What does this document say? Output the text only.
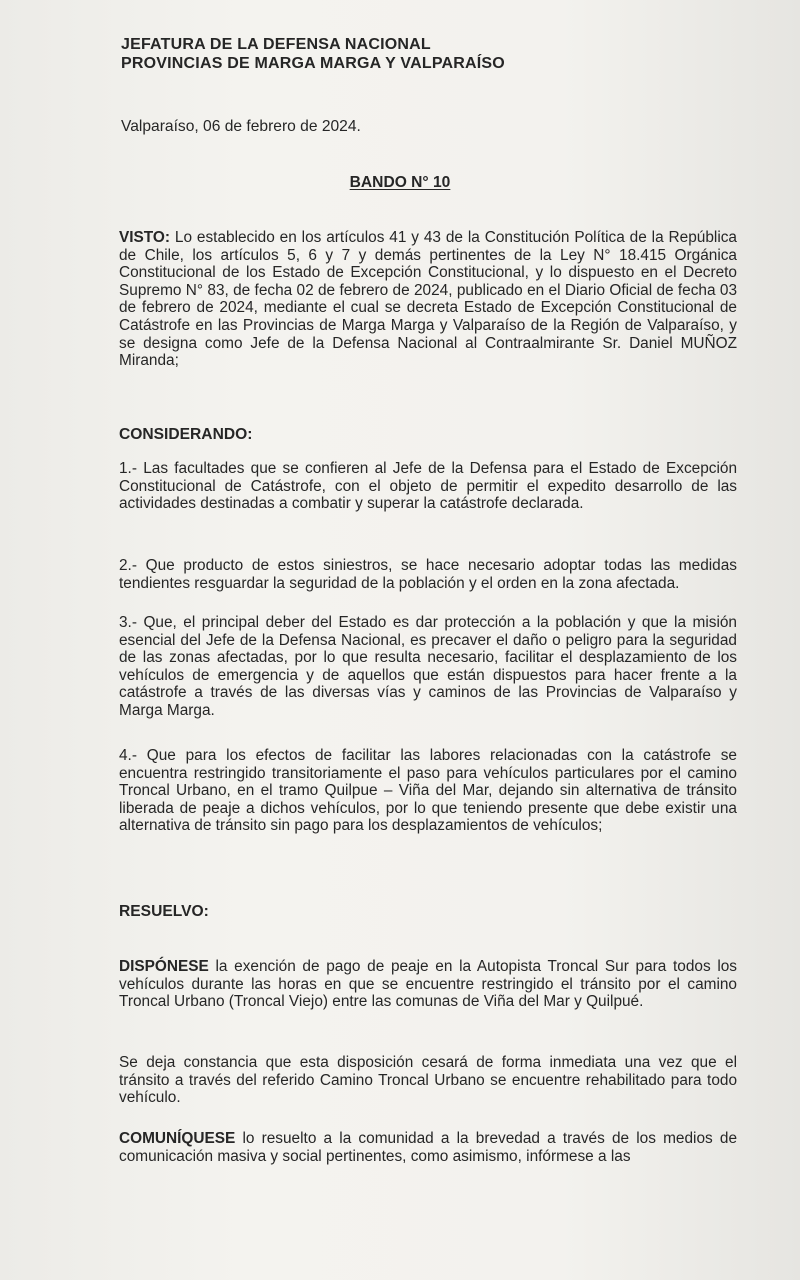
JEFATURA DE LA DEFENSA NACIONAL
PROVINCIAS DE MARGA MARGA Y VALPARAÍSO
Valparaíso, 06 de febrero de 2024.
BANDO N° 10
VISTO: Lo establecido en los artículos 41 y 43 de la Constitución Política de la República de Chile, los artículos 5, 6 y 7 y demás pertinentes de la Ley N° 18.415 Orgánica Constitucional de los Estado de Excepción Constitucional, y lo dispuesto en el Decreto Supremo N° 83, de fecha 02 de febrero de 2024, publicado en el Diario Oficial de fecha 03 de febrero de 2024, mediante el cual se decreta Estado de Excepción Constitucional de Catástrofe en las Provincias de Marga Marga y Valparaíso de la Región de Valparaíso, y se designa como Jefe de la Defensa Nacional al Contraalmirante Sr. Daniel MUÑOZ Miranda;
CONSIDERANDO:
1.- Las facultades que se confieren al Jefe de la Defensa para el Estado de Excepción Constitucional de Catástrofe, con el objeto de permitir el expedito desarrollo de las actividades destinadas a combatir y superar la catástrofe declarada.
2.- Que producto de estos siniestros, se hace necesario adoptar todas las medidas tendientes resguardar la seguridad de la población y el orden en la zona afectada.
3.- Que, el principal deber del Estado es dar protección a la población y que la misión esencial del Jefe de la Defensa Nacional, es precaver el daño o peligro para la seguridad de las zonas afectadas, por lo que resulta necesario, facilitar el desplazamiento de los vehículos de emergencia y de aquellos que están dispuestos para hacer frente a la catástrofe a través de las diversas vías y caminos de las Provincias de Valparaíso y Marga Marga.
4.- Que para los efectos de facilitar las labores relacionadas con la catástrofe se encuentra restringido transitoriamente el paso para vehículos particulares por el camino Troncal Urbano, en el tramo Quilpue – Viña del Mar, dejando sin alternativa de tránsito liberada de peaje a dichos vehículos, por lo que teniendo presente que debe existir una alternativa de tránsito sin pago para los desplazamientos de vehículos;
RESUELVO:
DISPÓNESE la exención de pago de peaje en la Autopista Troncal Sur para todos los vehículos durante las horas en que se encuentre restringido el tránsito por el camino Troncal Urbano (Troncal Viejo) entre las comunas de Viña del Mar y Quilpué.
Se deja constancia que esta disposición cesará de forma inmediata una vez que el tránsito a través del referido Camino Troncal Urbano se encuentre rehabilitado para todo vehículo.
COMUNÍQUESE lo resuelto a la comunidad a la brevedad a través de los medios de comunicación masiva y social pertinentes, como asimismo, infórmese a las
